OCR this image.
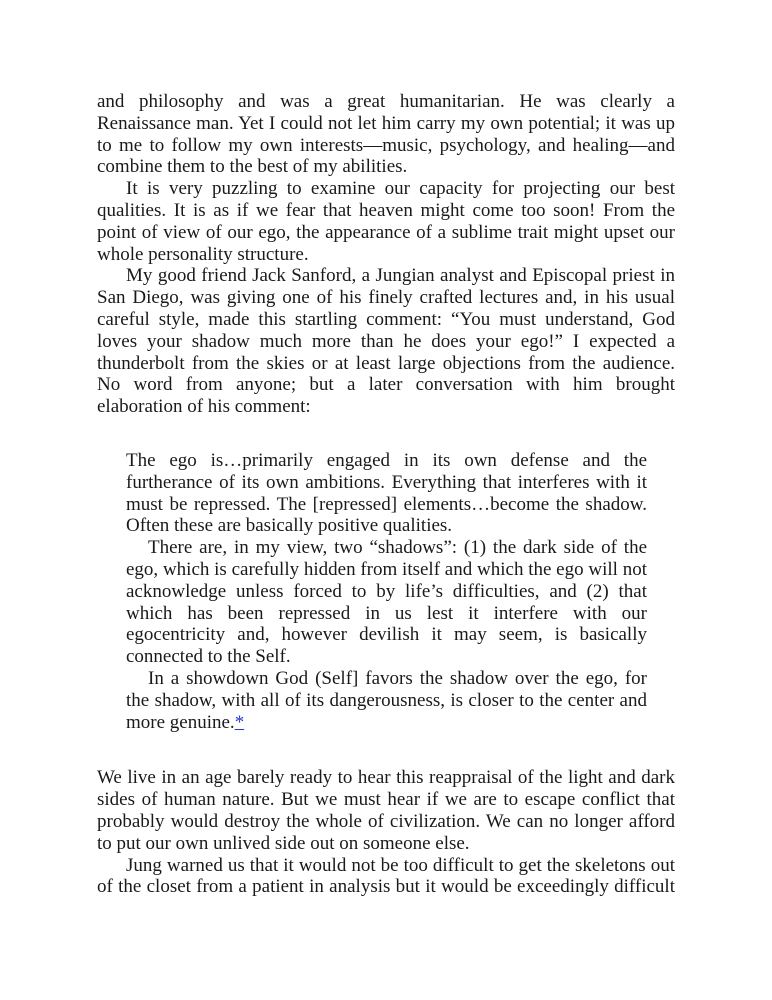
and philosophy and was a great humanitarian. He was clearly a Renaissance man. Yet I could not let him carry my own potential; it was up to me to follow my own interests—music, psychology, and healing—and combine them to the best of my abilities.

It is very puzzling to examine our capacity for projecting our best qualities. It is as if we fear that heaven might come too soon! From the point of view of our ego, the appearance of a sublime trait might upset our whole personality structure.

My good friend Jack Sanford, a Jungian analyst and Episcopal priest in San Diego, was giving one of his finely crafted lectures and, in his usual careful style, made this startling comment: “You must understand, God loves your shadow much more than he does your ego!” I expected a thunderbolt from the skies or at least large objections from the audience. No word from anyone; but a later conversation with him brought elaboration of his comment:

The ego is…primarily engaged in its own defense and the furtherance of its own ambitions. Everything that interferes with it must be repressed. The [repressed] elements…become the shadow. Often these are basically positive qualities.

There are, in my view, two “shadows”: (1) the dark side of the ego, which is carefully hidden from itself and which the ego will not acknowledge unless forced to by life’s difficulties, and (2) that which has been repressed in us lest it interfere with our egocentricity and, however devilish it may seem, is basically connected to the Self.

In a showdown God (Self] favors the shadow over the ego, for the shadow, with all of its dangerousness, is closer to the center and more genuine.*

We live in an age barely ready to hear this reappraisal of the light and dark sides of human nature. But we must hear if we are to escape conflict that probably would destroy the whole of civilization. We can no longer afford to put our own unlived side out on someone else.

Jung warned us that it would not be too difficult to get the skeletons out of the closet from a patient in analysis but it would be exceedingly difficult
